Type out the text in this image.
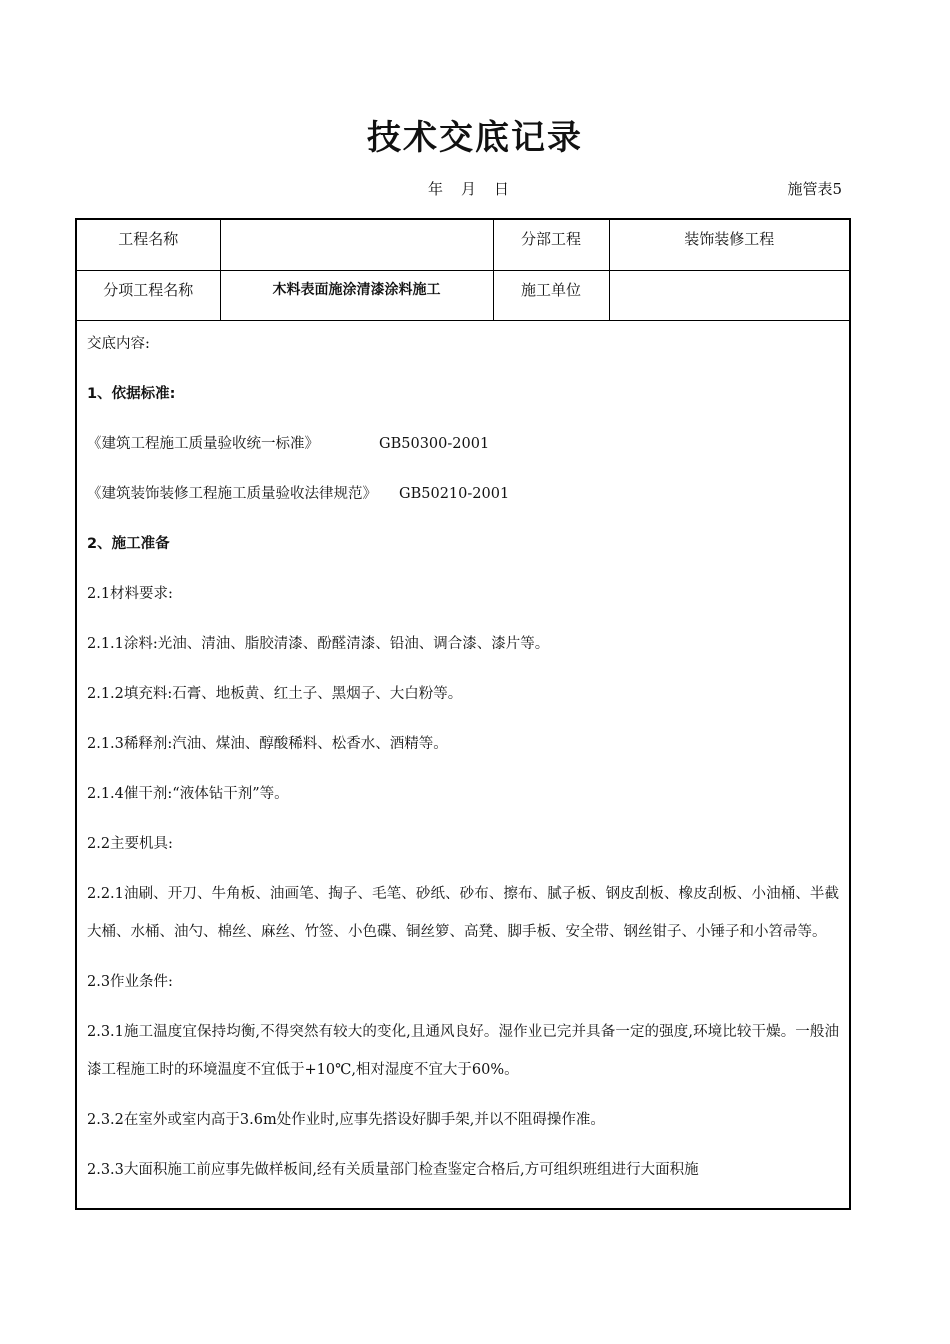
技术交底记录
年 月 日	施管表5
工程名称		分部工程	装饰装修工程
分项工程名称	木料表面施涂清漆涂料施工	施工单位	

交底内容:

1、依据标准:

《建筑工程施工质量验收统一标准》	GB50300-2001

《建筑装饰装修工程施工质量验收法律规范》 GB50210-2001

2、施工准备

2.1材料要求:

2.1.1涂料:光油、清油、脂胶清漆、酚醛清漆、铅油、调合漆、漆片等。

2.1.2填充料:石膏、地板黄、红土子、黑烟子、大白粉等。

2.1.3稀释剂:汽油、煤油、醇酸稀料、松香水、酒精等。

2.1.4催干剂:“液体钻干剂”等。

2.2主要机具:

2.2.1油刷、开刀、牛角板、油画笔、掏子、毛笔、砂纸、砂布、擦布、腻子板、钢皮刮板、橡皮刮板、小油桶、半截大桶、水桶、油勺、棉丝、麻丝、竹签、小色碟、铜丝箩、高凳、脚手板、安全带、钢丝钳子、小锤子和小笤帚等。

2.3作业条件:

2.3.1施工温度宜保持均衡,不得突然有较大的变化,且通风良好。湿作业已完并具备一定的强度,环境比较干燥。一般油漆工程施工时的环境温度不宜低于+10℃,相对湿度不宜大于60%。

2.3.2在室外或室内高于3.6m处作业时,应事先搭设好脚手架,并以不阻碍操作准。

2.3.3大面积施工前应事先做样板间,经有关质量部门检查鉴定合格后,方可组织班组进行大面积施
